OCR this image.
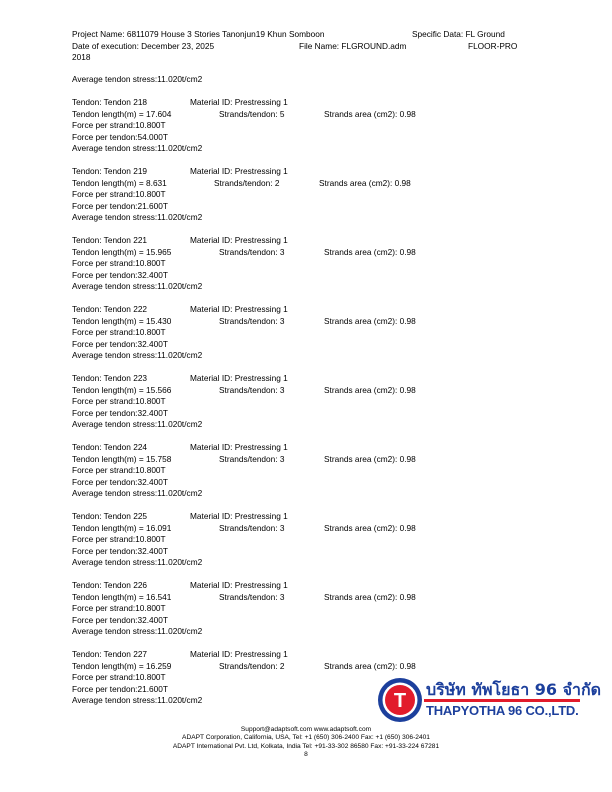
Project Name: 6811079 House 3 Stories Tanonjun19 Khun Somboon	Specific Data: FL Ground
Date of execution: December 23, 2025	File Name: FLGROUND.adm	FLOOR-PRO
2018
Average tendon stress:11.020t/cm2
Tendon: Tendon 218	Material ID: Prestressing 1
Tendon length(m) = 17.604	Strands/tendon: 5	Strands area (cm2): 0.98
Force per strand:10.800T
Force per tendon:54.000T
Average tendon stress:11.020t/cm2
Tendon: Tendon 219	Material ID: Prestressing 1
Tendon length(m) = 8.631	Strands/tendon: 2	Strands area (cm2): 0.98
Force per strand:10.800T
Force per tendon:21.600T
Average tendon stress:11.020t/cm2
Tendon: Tendon 221	Material ID: Prestressing 1
Tendon length(m) = 15.965	Strands/tendon: 3	Strands area (cm2): 0.98
Force per strand:10.800T
Force per tendon:32.400T
Average tendon stress:11.020t/cm2
Tendon: Tendon 222	Material ID: Prestressing 1
Tendon length(m) = 15.430	Strands/tendon: 3	Strands area (cm2): 0.98
Force per strand:10.800T
Force per tendon:32.400T
Average tendon stress:11.020t/cm2
Tendon: Tendon 223	Material ID: Prestressing 1
Tendon length(m) = 15.566	Strands/tendon: 3	Strands area (cm2): 0.98
Force per strand:10.800T
Force per tendon:32.400T
Average tendon stress:11.020t/cm2
Tendon: Tendon 224	Material ID: Prestressing 1
Tendon length(m) = 15.758	Strands/tendon: 3	Strands area (cm2): 0.98
Force per strand:10.800T
Force per tendon:32.400T
Average tendon stress:11.020t/cm2
Tendon: Tendon 225	Material ID: Prestressing 1
Tendon length(m) = 16.091	Strands/tendon: 3	Strands area (cm2): 0.98
Force per strand:10.800T
Force per tendon:32.400T
Average tendon stress:11.020t/cm2
Tendon: Tendon 226	Material ID: Prestressing 1
Tendon length(m) = 16.541	Strands/tendon: 3	Strands area (cm2): 0.98
Force per strand:10.800T
Force per tendon:32.400T
Average tendon stress:11.020t/cm2
Tendon: Tendon 227	Material ID: Prestressing 1
Tendon length(m) = 16.259	Strands/tendon: 2	Strands area (cm2): 0.98
Force per strand:10.800T
Force per tendon:21.600T
Average tendon stress:11.020t/cm2	T
บริษัท ทัพโยธา 96 จำกัด
THAPYOTHA 96 CO.,LTD.
Support@adaptsoft.com www.adaptsoft.com
ADAPT Corporation, California, USA, Tel: +1 (650) 306-2400 Fax: +1 (650) 306-2401
ADAPT International Pvt. Ltd, Kolkata, India Tel: +91-33-302 86580 Fax: +91-33-224 67281
8
